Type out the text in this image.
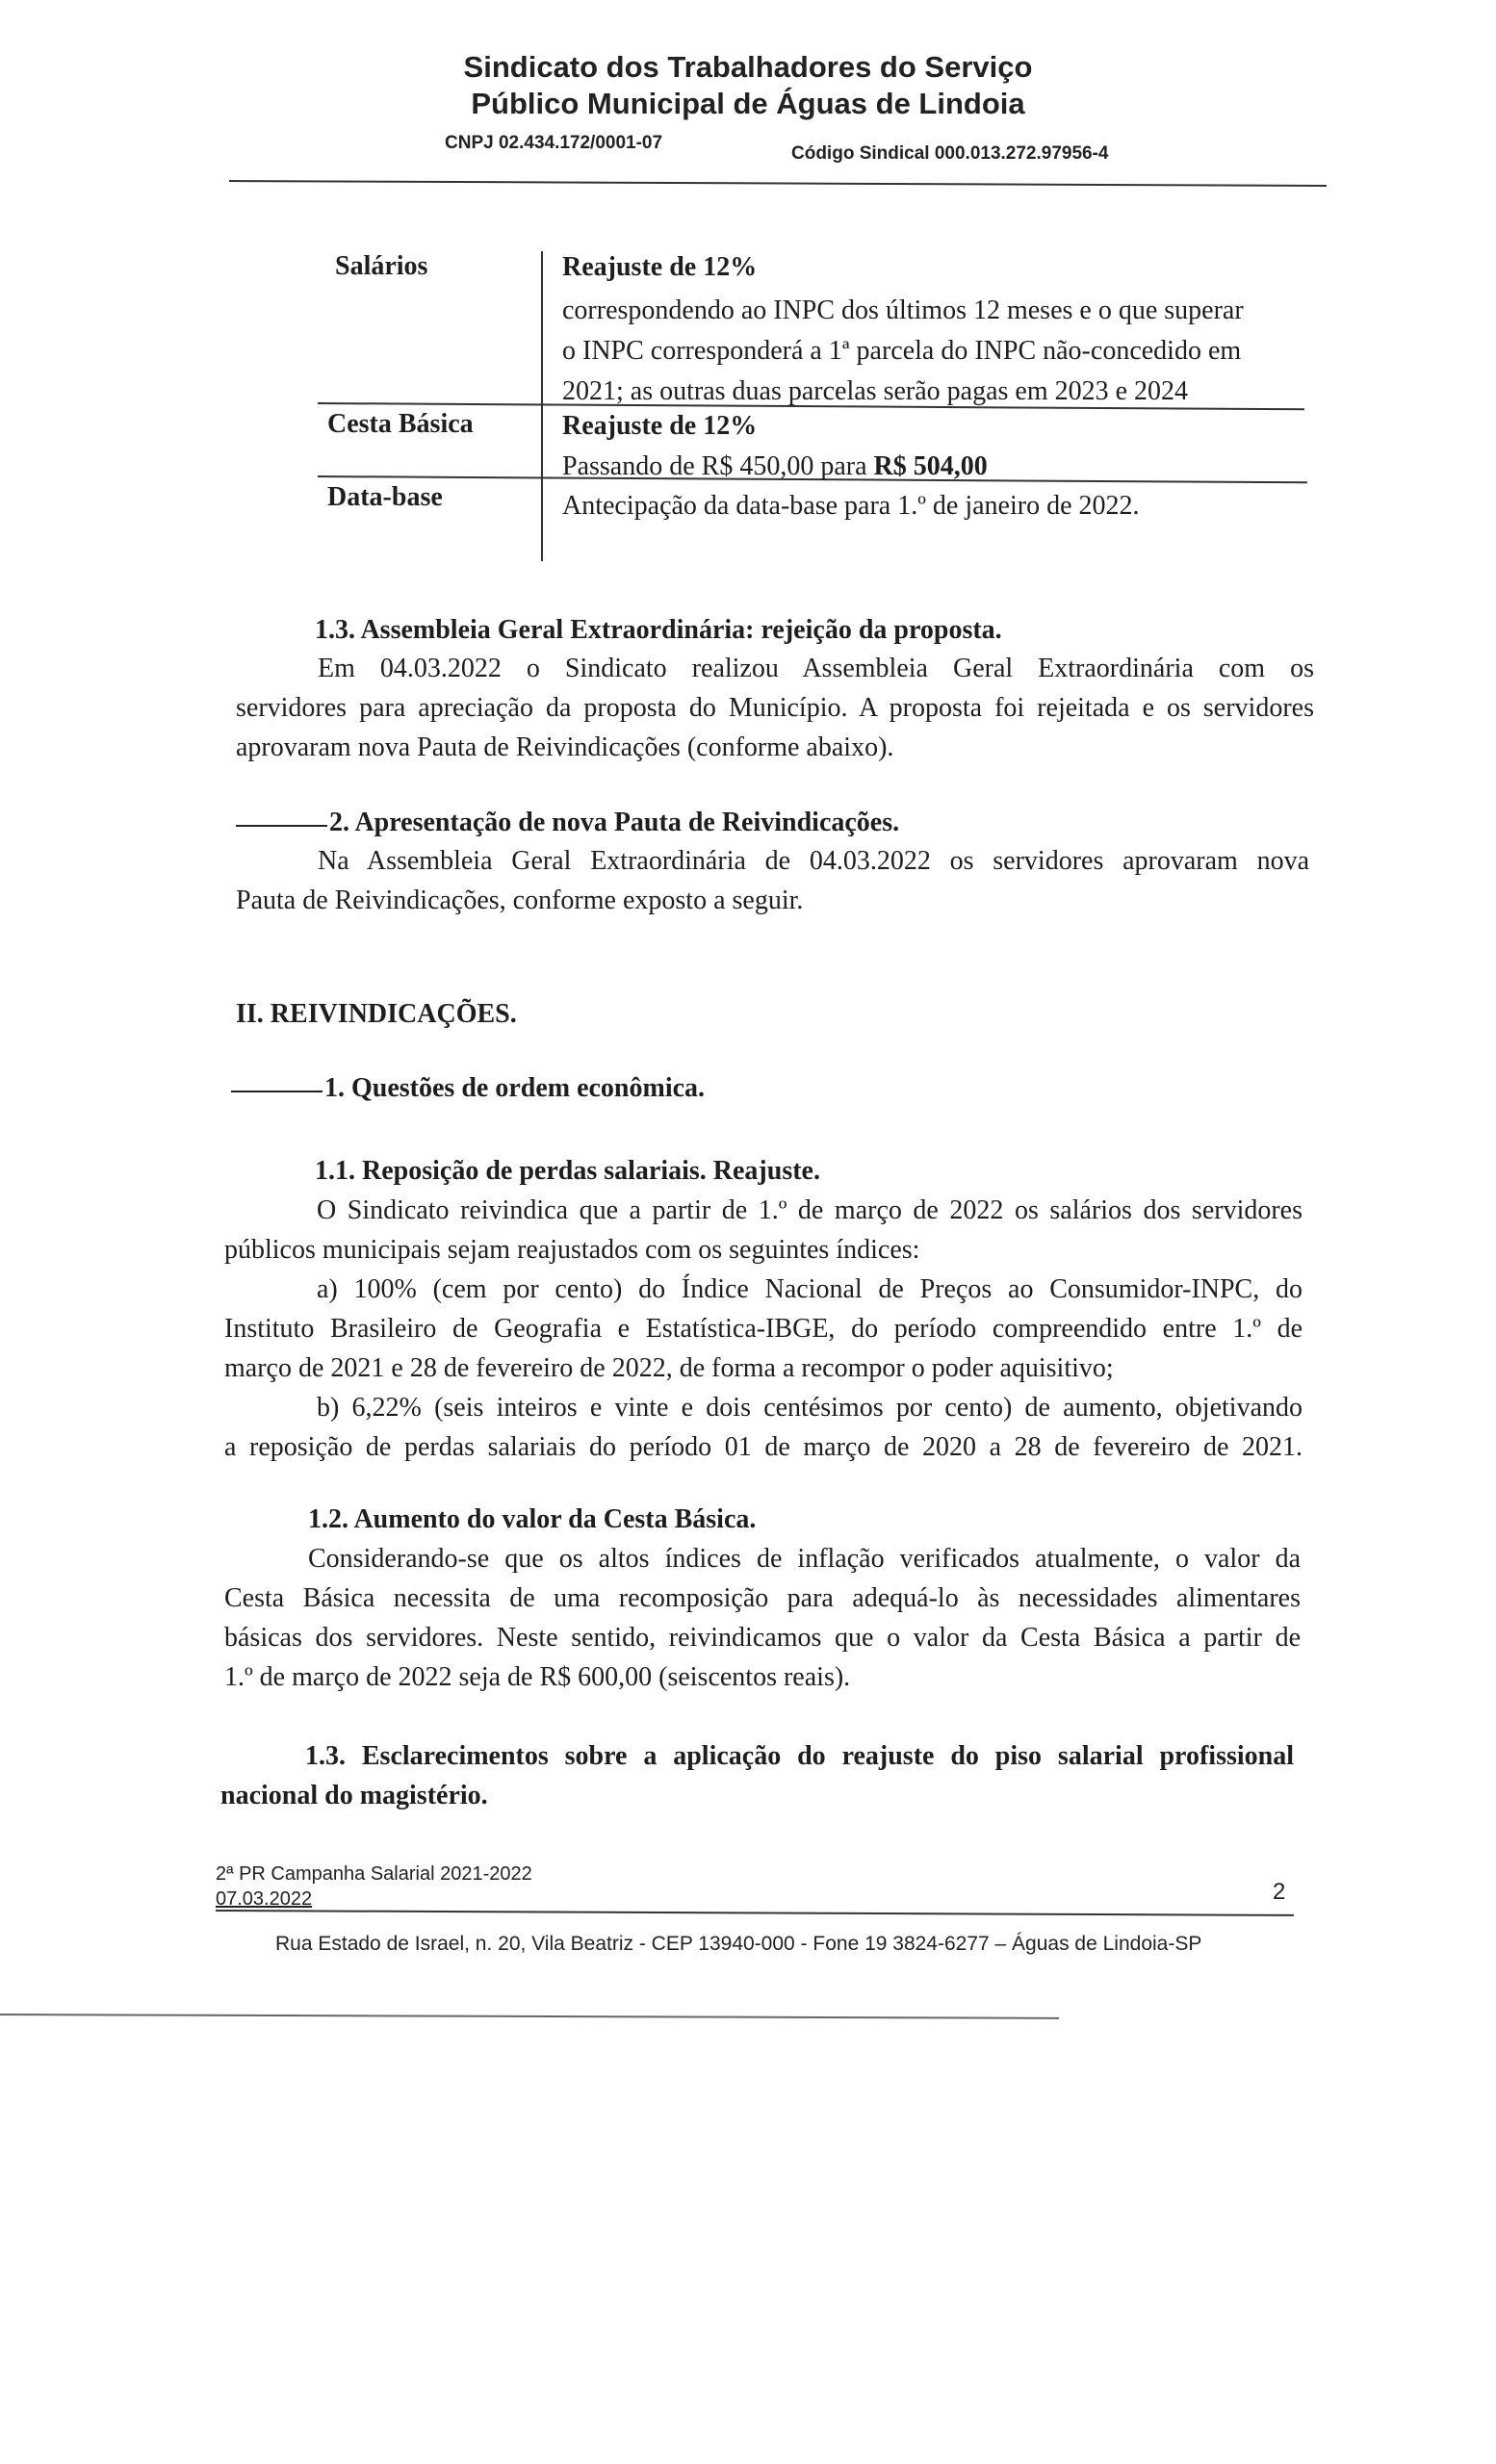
Sindicato dos Trabalhadores do Serviço
Público Municipal de Águas de Lindoia
CNPJ 02.434.172/0001-07
Código Sindical 000.013.272.97956-4
Salários	Reajuste de 12%
correspondendo ao INPC dos últimos 12 meses e o que superar
o INPC corresponderá a 1ª parcela do INPC não-concedido em
2021; as outras duas parcelas serão pagas em 2023 e 2024
Cesta Básica	Reajuste de 12%
Passando de R$ 450,00 para R$ 504,00
Data-base	Antecipação da data-base para 1.º de janeiro de 2022.
1.3. Assembleia Geral Extraordinária: rejeição da proposta.
Em 04.03.2022 o Sindicato realizou Assembleia Geral Extraordinária com os
servidores para apreciação da proposta do Município. A proposta foi rejeitada e os servidores
aprovaram nova Pauta de Reivindicações (conforme abaixo).
2. Apresentação de nova Pauta de Reivindicações.
Na Assembleia Geral Extraordinária de 04.03.2022 os servidores aprovaram nova
Pauta de Reivindicações, conforme exposto a seguir.
II. REIVINDICAÇÕES.
1. Questões de ordem econômica.
1.1. Reposição de perdas salariais. Reajuste.
O Sindicato reivindica que a partir de 1.º de março de 2022 os salários dos servidores
públicos municipais sejam reajustados com os seguintes índices:
a) 100% (cem por cento) do Índice Nacional de Preços ao Consumidor-INPC, do
Instituto Brasileiro de Geografia e Estatística-IBGE, do período compreendido entre 1.º de
março de 2021 e 28 de fevereiro de 2022, de forma a recompor o poder aquisitivo;
b) 6,22% (seis inteiros e vinte e dois centésimos por cento) de aumento, objetivando
a reposição de perdas salariais do período 01 de março de 2020 a 28 de fevereiro de 2021.
1.2. Aumento do valor da Cesta Básica.
Considerando-se que os altos índices de inflação verificados atualmente, o valor da
Cesta Básica necessita de uma recomposição para adequá-lo às necessidades alimentares
básicas dos servidores. Neste sentido, reivindicamos que o valor da Cesta Básica a partir de
1.º de março de 2022 seja de R$ 600,00 (seiscentos reais).
1.3. Esclarecimentos sobre a aplicação do reajuste do piso salarial profissional
nacional do magistério.
2ª PR Campanha Salarial 2021-2022
07.03.2022	2
Rua Estado de Israel, n. 20, Vila Beatriz - CEP 13940-000 - Fone 19 3824-6277 – Águas de Lindoia-SP
